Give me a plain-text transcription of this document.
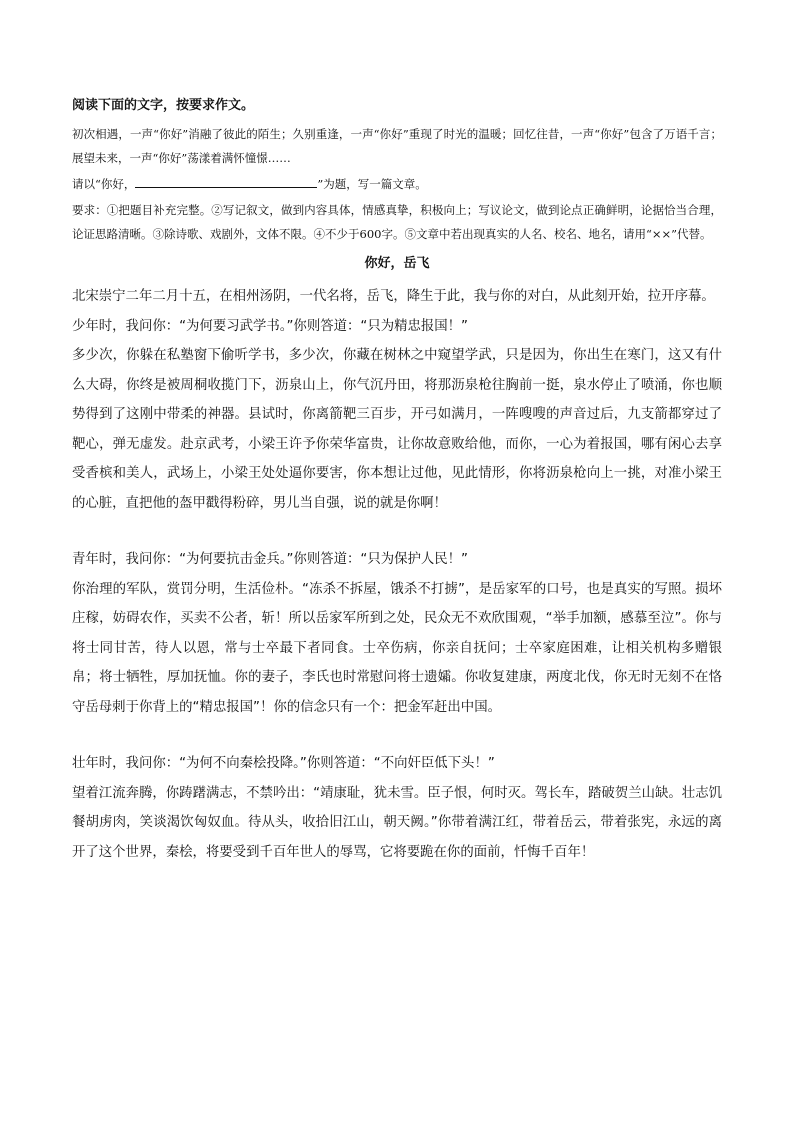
阅读下面的文字，按要求作文。

初次相遇，一声“你好”消融了彼此的陌生；久别重逢，一声“你好”重现了时光的温暖；回忆往昔，一声“你好”包含了万语千言；展望未来，一声“你好”荡漾着满怀憧憬……

请以“你好，	”为题，写一篇文章。

要求：①把题目补充完整。②写记叙文，做到内容具体，情感真挚，积极向上；写议论文，做到论点正确鲜明，论据恰当合理，论证思路清晰。③除诗歌、戏剧外，文体不限。④不少于600字。⑤文章中若出现真实的人名、校名、地名，请用“××”代替。

你好，岳飞

北宋崇宁二年二月十五，在相州汤阴，一代名将，岳飞，降生于此，我与你的对白，从此刻开始，拉开序幕。

少年时，我问你：“为何要习武学书。”你则答道：“只为精忠报国！”

多少次，你躲在私塾窗下偷听学书，多少次，你藏在树林之中窥望学武，只是因为，你出生在寒门，这又有什么大碍，你终是被周桐收揽门下，沥泉山上，你气沉丹田，将那沥泉枪往胸前一挺，泉水停止了喷涌，你也顺势得到了这刚中带柔的神器。县试时，你离箭靶三百步，开弓如满月，一阵嗖嗖的声音过后，九支箭都穿过了靶心，弹无虚发。赴京武考，小梁王许予你荣华富贵，让你故意败给他，而你，一心为着报国，哪有闲心去享受香槟和美人，武场上，小梁王处处逼你要害，你本想让过他，见此情形，你将沥泉枪向上一挑，对准小梁王的心脏，直把他的盔甲戳得粉碎，男儿当自强，说的就是你啊！

青年时，我问你：“为何要抗击金兵。”你则答道：“只为保护人民！”

你治理的军队，赏罚分明，生活俭朴。“冻杀不拆屋，饿杀不打掳”，是岳家军的口号，也是真实的写照。损坏庄稼，妨碍农作，买卖不公者，斩！所以岳家军所到之处，民众无不欢欣围观，“举手加额，感慕至泣”。你与将士同甘苦，待人以恩，常与士卒最下者同食。士卒伤病，你亲自抚问；士卒家庭困难，让相关机构多赠银帛；将士牺牲，厚加抚恤。你的妻子，李氏也时常慰问将士遗孀。你收复建康，两度北伐，你无时无刻不在恪守岳母刺于你背上的“精忠报国”！你的信念只有一个：把金军赶出中国。

壮年时，我问你：“为何不向秦桧投降。”你则答道：“不向奸臣低下头！”

望着江流奔腾，你踌躇满志，不禁吟出：“靖康耻，犹未雪。臣子恨，何时灭。驾长车，踏破贺兰山缺。壮志饥餐胡虏肉，笑谈渴饮匈奴血。待从头，收拾旧江山，朝天阙。”你带着满江红，带着岳云，带着张宪，永远的离开了这个世界，秦桧，将要受到千百年世人的辱骂，它将要跪在你的面前，忏悔千百年！
